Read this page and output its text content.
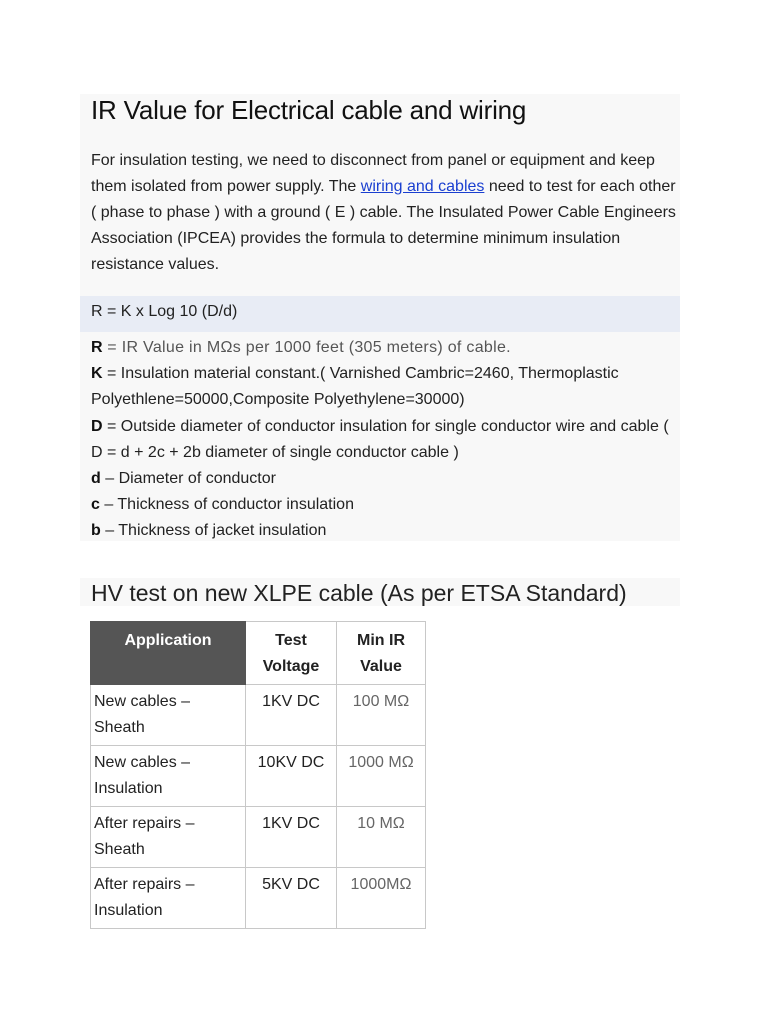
IR Value for Electrical cable and wiring
For insulation testing, we need to disconnect from panel or equipment and keep them isolated from power supply. The wiring and cables need to test for each other ( phase to phase ) with a ground ( E ) cable. The Insulated Power Cable Engineers Association (IPCEA) provides the formula to determine minimum insulation resistance values.
R = K x Log 10 (D/d)
R = IR Value in MΩs per 1000 feet (305 meters) of cable.
K = Insulation material constant.( Varnished Cambric=2460, Thermoplastic Polyethlene=50000,Composite Polyethylene=30000)
D = Outside diameter of conductor insulation for single conductor wire and cable ( D = d + 2c + 2b diameter of single conductor cable )
d – Diameter of conductor
c – Thickness of conductor insulation
b – Thickness of jacket insulation
HV test on new XLPE cable (As per ETSA Standard)
Application	Test Voltage	Min IR Value
New cables – Sheath	1KV DC	100 MΩ
New cables – Insulation	10KV DC	1000 MΩ
After repairs – Sheath	1KV DC	10 MΩ
After repairs – Insulation	5KV DC	1000MΩ
